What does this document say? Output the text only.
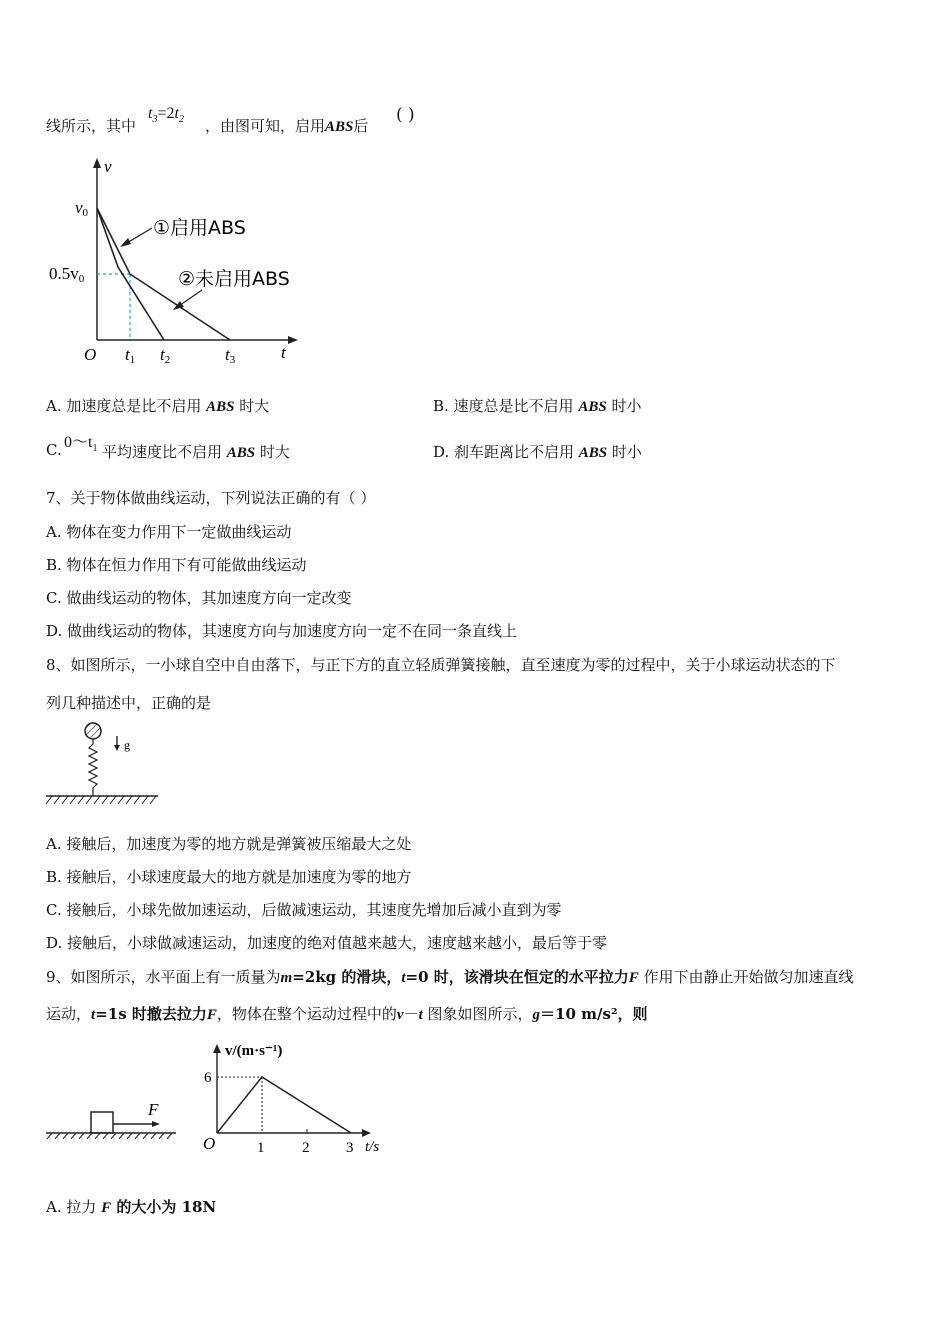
线所示，其中
$t_3=2t_2$ ，由图可知，启用ABS后
( )
v
t
O
v0
0.5v0
t1 t2	t3
①启用ABS
②未启用ABS
A. 加速度总是比不启用 ABS 时大	B. 速度总是比不启用 ABS 时小
C. $0\sim t_1$ 平均速度比不启用 ABS 时大	D. 刹车距离比不启用 ABS 时小
7、关于物体做曲线运动，下列说法正确的有（ ）
A. 物体在变力作用下一定做曲线运动
B. 物体在恒力作用下有可能做曲线运动
C. 做曲线运动的物体，其加速度方向一定改变
D. 做曲线运动的物体，其速度方向与加速度方向一定不在同一条直线上
8、如图所示，一小球自空中自由落下，与正下方的直立轻质弹簧接触，直至速度为零的过程中，关于小球运动状态的下
列几种描述中，正确的是
g
A. 接触后，加速度为零的地方就是弹簧被压缩最大之处
B. 接触后，小球速度最大的地方就是加速度为零的地方
C. 接触后，小球先做加速运动，后做减速运动，其速度先增加后减小直到为零
D. 接触后，小球做减速运动，加速度的绝对值越来越大，速度越来越小，最后等于零
9、如图所示，水平面上有一质量为m=2kg 的滑块，t=0 时，该滑块在恒定的水平拉力F 作用下由静止开始做匀加速直线
运动，t=1s 时撤去拉力F，物体在整个运动过程中的v－t 图象如图所示，g＝10 m/s²，则
F
v/(m·s⁻¹)
t/s
O
6
1	2 3
A. 拉力 F 的大小为 18N
